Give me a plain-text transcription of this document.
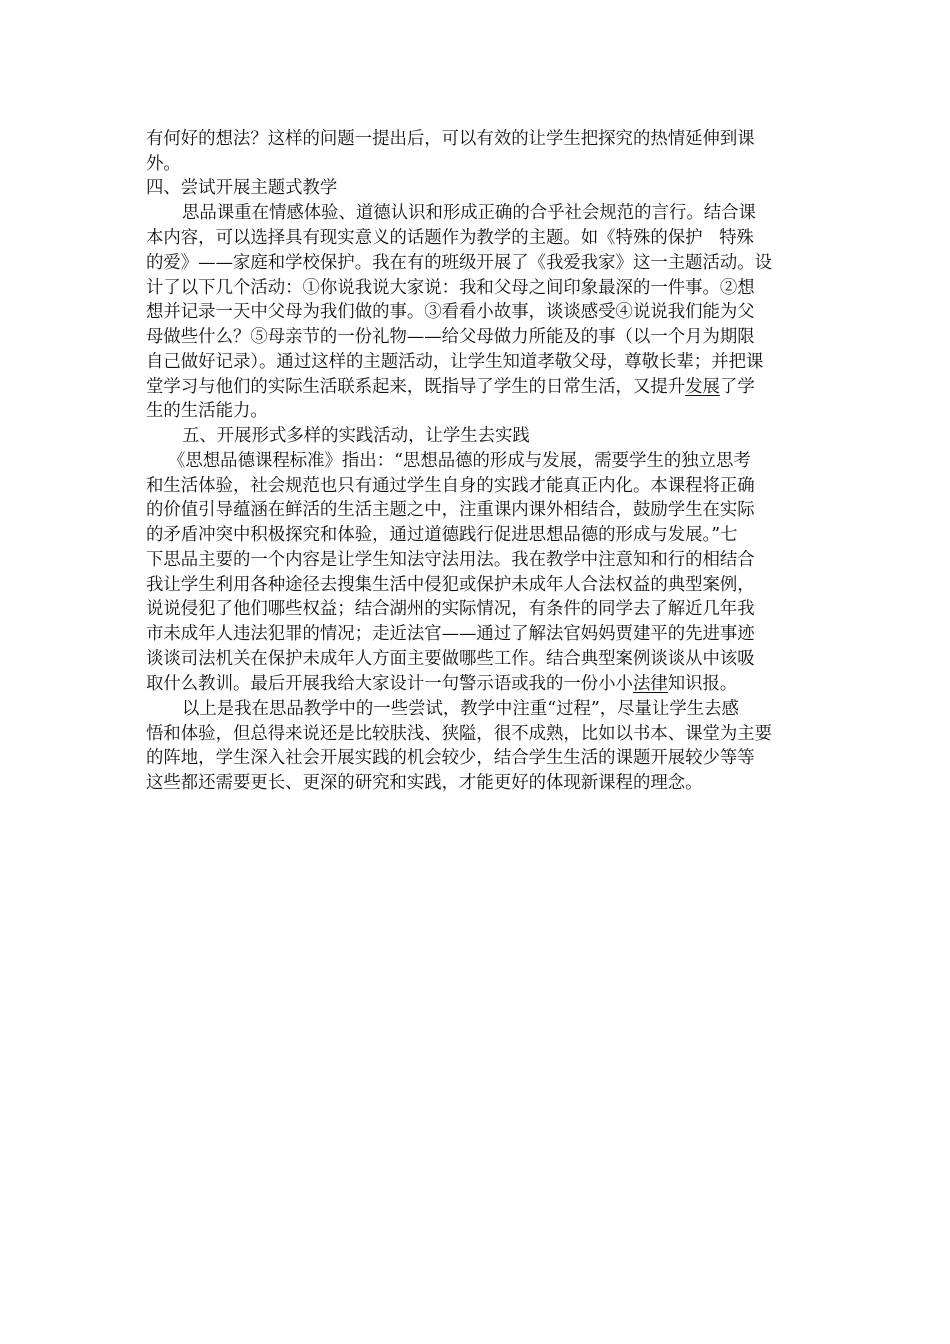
有何好的想法？这样的问题一提出后，可以有效的让学生把探究的热情延伸到课
外。
四、尝试开展主题式教学
思品课重在情感体验、道德认识和形成正确的合乎社会规范的言行。结合课
本内容，可以选择具有现实意义的话题作为教学的主题。如《特殊的保护   特殊
的爱》——家庭和学校保护。我在有的班级开展了《我爱我家》这一主题活动。设
计了以下几个活动：①你说我说大家说：我和父母之间印象最深的一件事。②想
想并记录一天中父母为我们做的事。③看看小故事，谈谈感受④说说我们能为父
母做些什么？⑤母亲节的一份礼物——给父母做力所能及的事（以一个月为期限
自己做好记录）。通过这样的主题活动，让学生知道孝敬父母，尊敬长辈；并把课
堂学习与他们的实际生活联系起来，既指导了学生的日常生活，又提升发展了学
生的生活能力。
五、开展形式多样的实践活动，让学生去实践
《思想品德课程标准》指出：“思想品德的形成与发展，需要学生的独立思考
和生活体验，社会规范也只有通过学生自身的实践才能真正内化。本课程将正确
的价值引导蕴涵在鲜活的生活主题之中，注重课内课外相结合，鼓励学生在实际
的矛盾冲突中积极探究和体验，通过道德践行促进思想品德的形成与发展。”七
下思品主要的一个内容是让学生知法守法用法。我在教学中注意知和行的相结合
我让学生利用各种途径去搜集生活中侵犯或保护未成年人合法权益的典型案例，
说说侵犯了他们哪些权益；结合湖州的实际情况，有条件的同学去了解近几年我
市未成年人违法犯罪的情况；走近法官——通过了解法官妈妈贾建平的先进事迹
谈谈司法机关在保护未成年人方面主要做哪些工作。结合典型案例谈谈从中该吸
取什么教训。最后开展我给大家设计一句警示语或我的一份小小法律知识报。
以上是我在思品教学中的一些尝试，教学中注重“过程”，尽量让学生去感
悟和体验，但总得来说还是比较肤浅、狭隘，很不成熟，比如以书本、课堂为主要
的阵地，学生深入社会开展实践的机会较少，结合学生生活的课题开展较少等等
这些都还需要更长、更深的研究和实践，才能更好的体现新课程的理念。
